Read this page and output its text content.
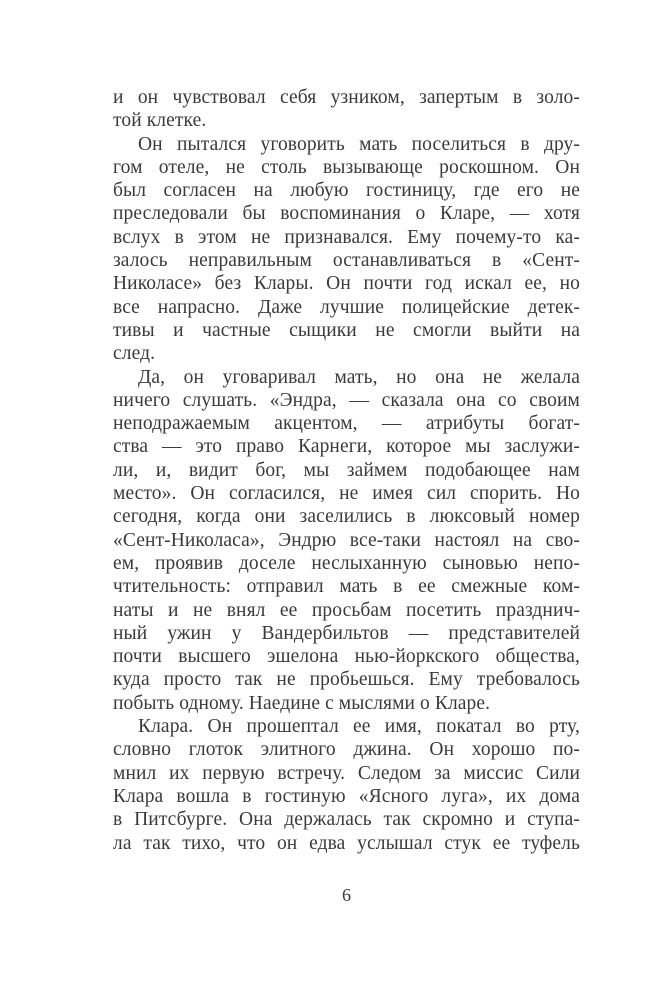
и он чувствовал себя узником, запертым в золо-
той клетке.
Он пытался уговорить мать поселиться в дру-
гом отеле, не столь вызывающе роскошном. Он
был согласен на любую гостиницу, где его не
преследовали бы воспоминания о Кларе, — хотя
вслух в этом не признавался. Ему почему-то ка-
залось неправильным останавливаться в «Сент-
Николасе» без Клары. Он почти год искал ее, но
все напрасно. Даже лучшие полицейские детек-
тивы и частные сыщики не смогли выйти на
след.
Да, он уговаривал мать, но она не желала
ничего слушать. «Эндра, — сказала она со своим
неподражаемым акцентом, — атрибуты богат-
ства — это право Карнеги, которое мы заслужи-
ли, и, видит бог, мы займем подобающее нам
место». Он согласился, не имея сил спорить. Но
сегодня, когда они заселились в люксовый номер
«Сент-Николаса», Эндрю все-таки настоял на сво-
ем, проявив доселе неслыханную сыновью непо-
чтительность: отправил мать в ее смежные ком-
наты и не внял ее просьбам посетить празднич-
ный ужин у Вандербильтов — представителей
почти высшего эшелона нью-йоркского общества,
куда просто так не пробьешься. Ему требовалось
побыть одному. Наедине с мыслями о Кларе.
Клара. Он прошептал ее имя, покатал во рту,
словно глоток элитного джина. Он хорошо по-
мнил их первую встречу. Следом за миссис Сили
Клара вошла в гостиную «Ясного луга», их дома
в Питсбурге. Она держалась так скромно и ступа-
ла так тихо, что он едва услышал стук ее туфель
6
